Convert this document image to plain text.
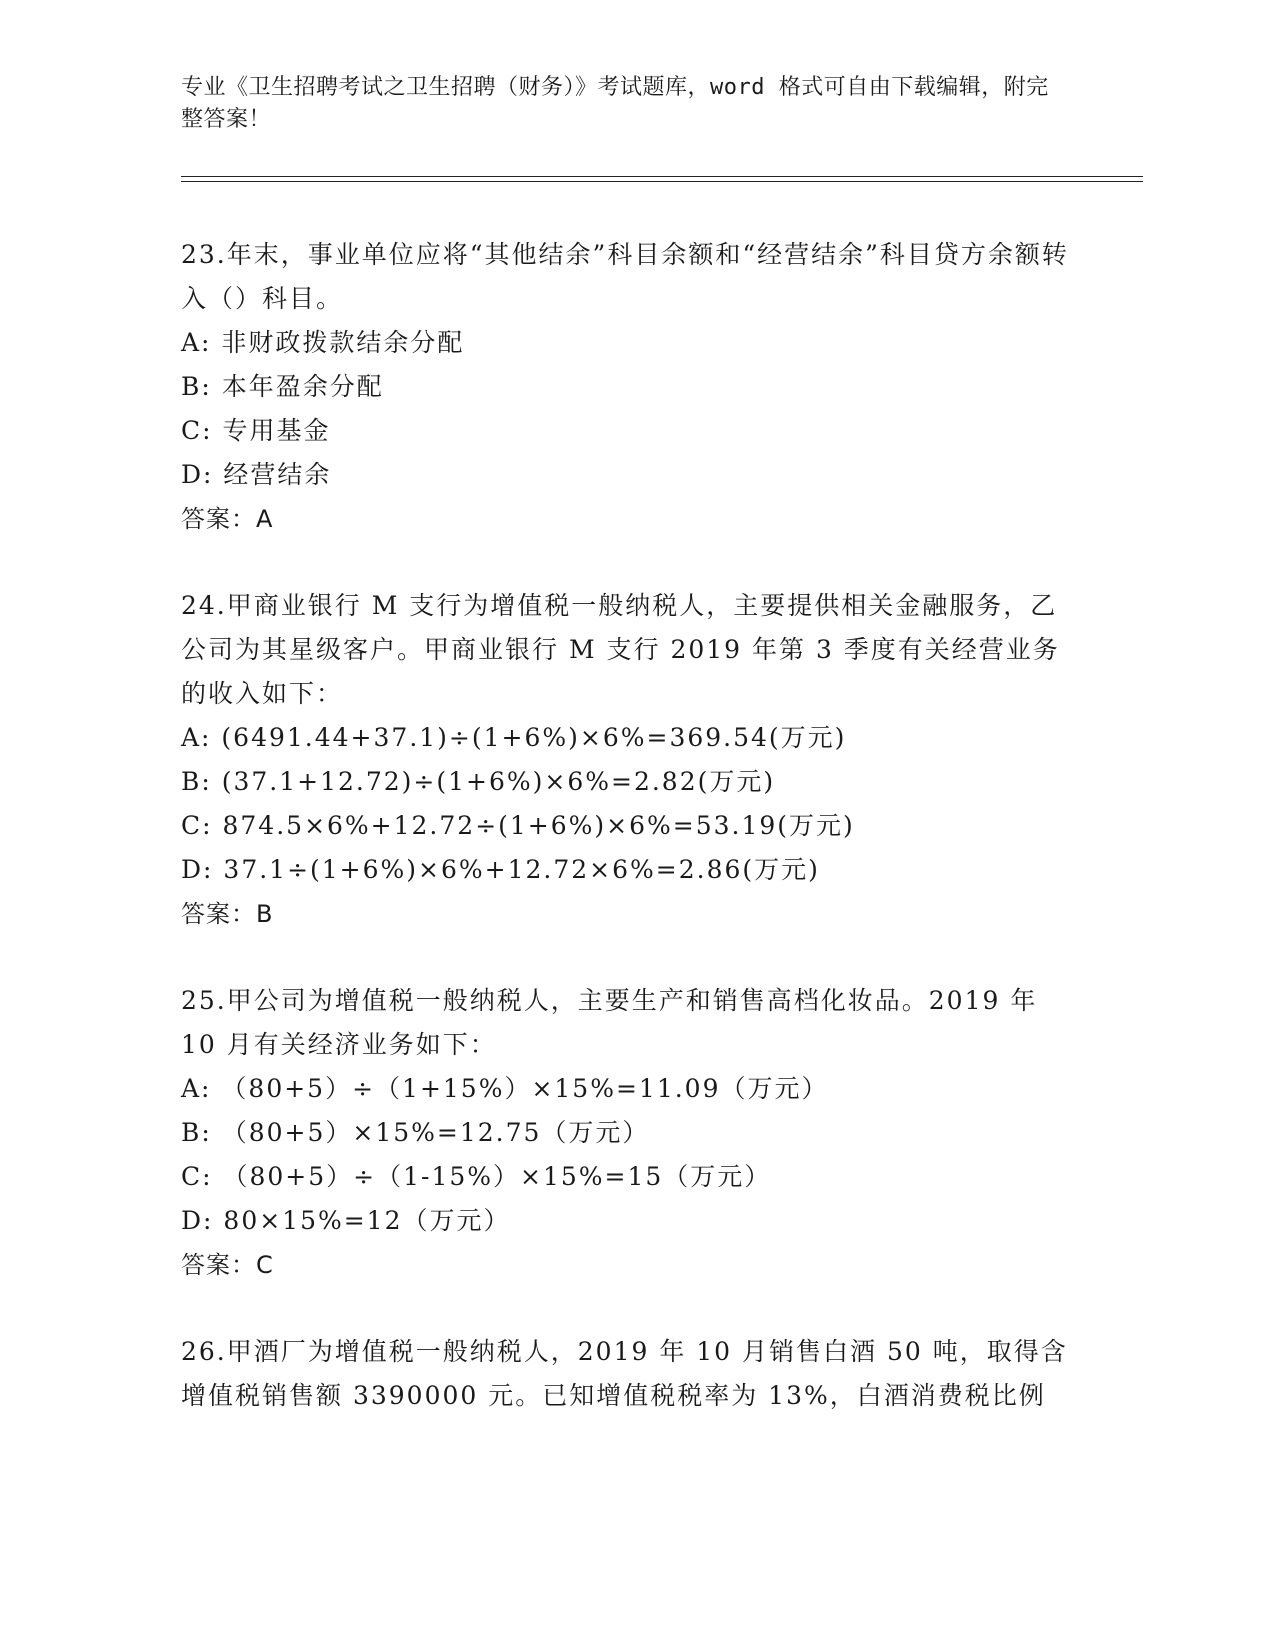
专业《卫生招聘考试之卫生招聘（财务）》考试题库，word 格式可自由下载编辑，附完整答案！
23.年末，事业单位应将“其他结余”科目余额和“经营结余”科目贷方余额转入（）科目。
A: 非财政拨款结余分配
B: 本年盈余分配
C: 专用基金
D: 经营结余
答案：A
24.甲商业银行 M 支行为增值税一般纳税人，主要提供相关金融服务，乙公司为其星级客户。甲商业银行 M 支行 2019 年第 3 季度有关经营业务的收入如下：
A: (6491.44+37.1)÷(1+6%)×6%=369.54(万元)
B: (37.1+12.72)÷(1+6%)×6%=2.82(万元)
C: 874.5×6%+12.72÷(1+6%)×6%=53.19(万元)
D: 37.1÷(1+6%)×6%+12.72×6%=2.86(万元)
答案：B
25.甲公司为增值税一般纳税人，主要生产和销售高档化妆品。2019 年 10 月有关经济业务如下：
A: （80+5）÷（1+15%）×15%=11.09（万元）
B: （80+5）×15%=12.75（万元）
C: （80+5）÷（1-15%）×15%=15（万元）
D: 80×15%=12（万元）
答案：C
26.甲酒厂为增值税一般纳税人，2019 年 10 月销售白酒 50 吨，取得含增值税销售额 3390000 元。已知增值税税率为 13%，白酒消费税比例
